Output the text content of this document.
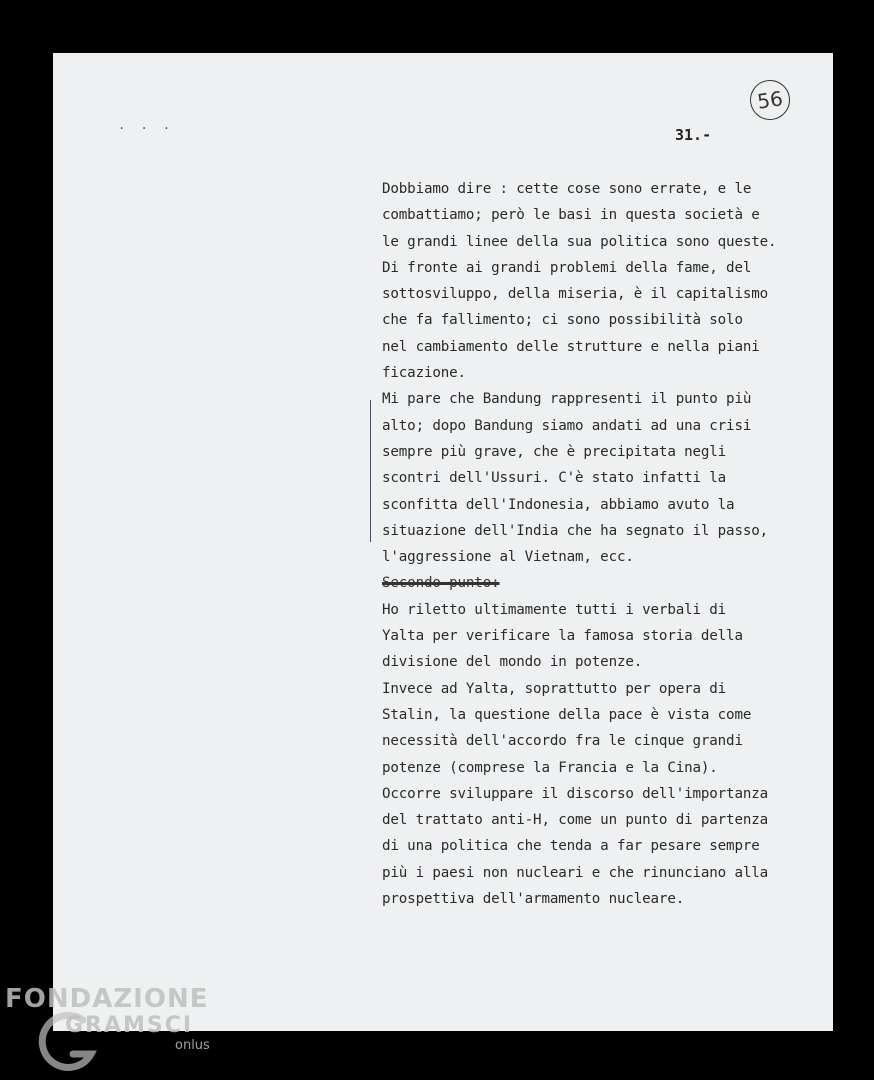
. . .
56
31.-
Dobbiamo dire : cette cose sono errate, e le
combattiamo; però le basi in questa società e
le grandi linee della sua politica sono queste.
Di fronte ai grandi problemi della fame, del
sottosviluppo, della miseria, è il capitalismo
che fa fallimento; ci sono possibilità solo
nel cambiamento delle strutture e nella piani
ficazione.
Mi pare che Bandung rappresenti il punto più
alto; dopo Bandung siamo andati ad una crisi
sempre più grave, che è precipitata negli
scontri dell'Ussuri. C'è stato infatti la
sconfitta dell'Indonesia, abbiamo avuto la
situazione dell'India che ha segnato il passo,
l'aggressione al Vietnam, ecc.
Secondo punto:
Ho riletto ultimamente tutti i verbali di
Yalta per verificare la famosa storia della
divisione del mondo in potenze.
Invece ad Yalta, soprattutto per opera di
Stalin, la questione della pace è vista come
necessità dell'accordo fra le cinque grandi
potenze (comprese la Francia e la Cina).
Occorre sviluppare il discorso dell'importanza
del trattato anti-H, come un punto di partenza
di una politica che tenda a far pesare sempre
più i paesi non nucleari e che rinunciano alla
prospettiva dell'armamento nucleare.
FONDAZIONE
GRAMSCI
onlus
